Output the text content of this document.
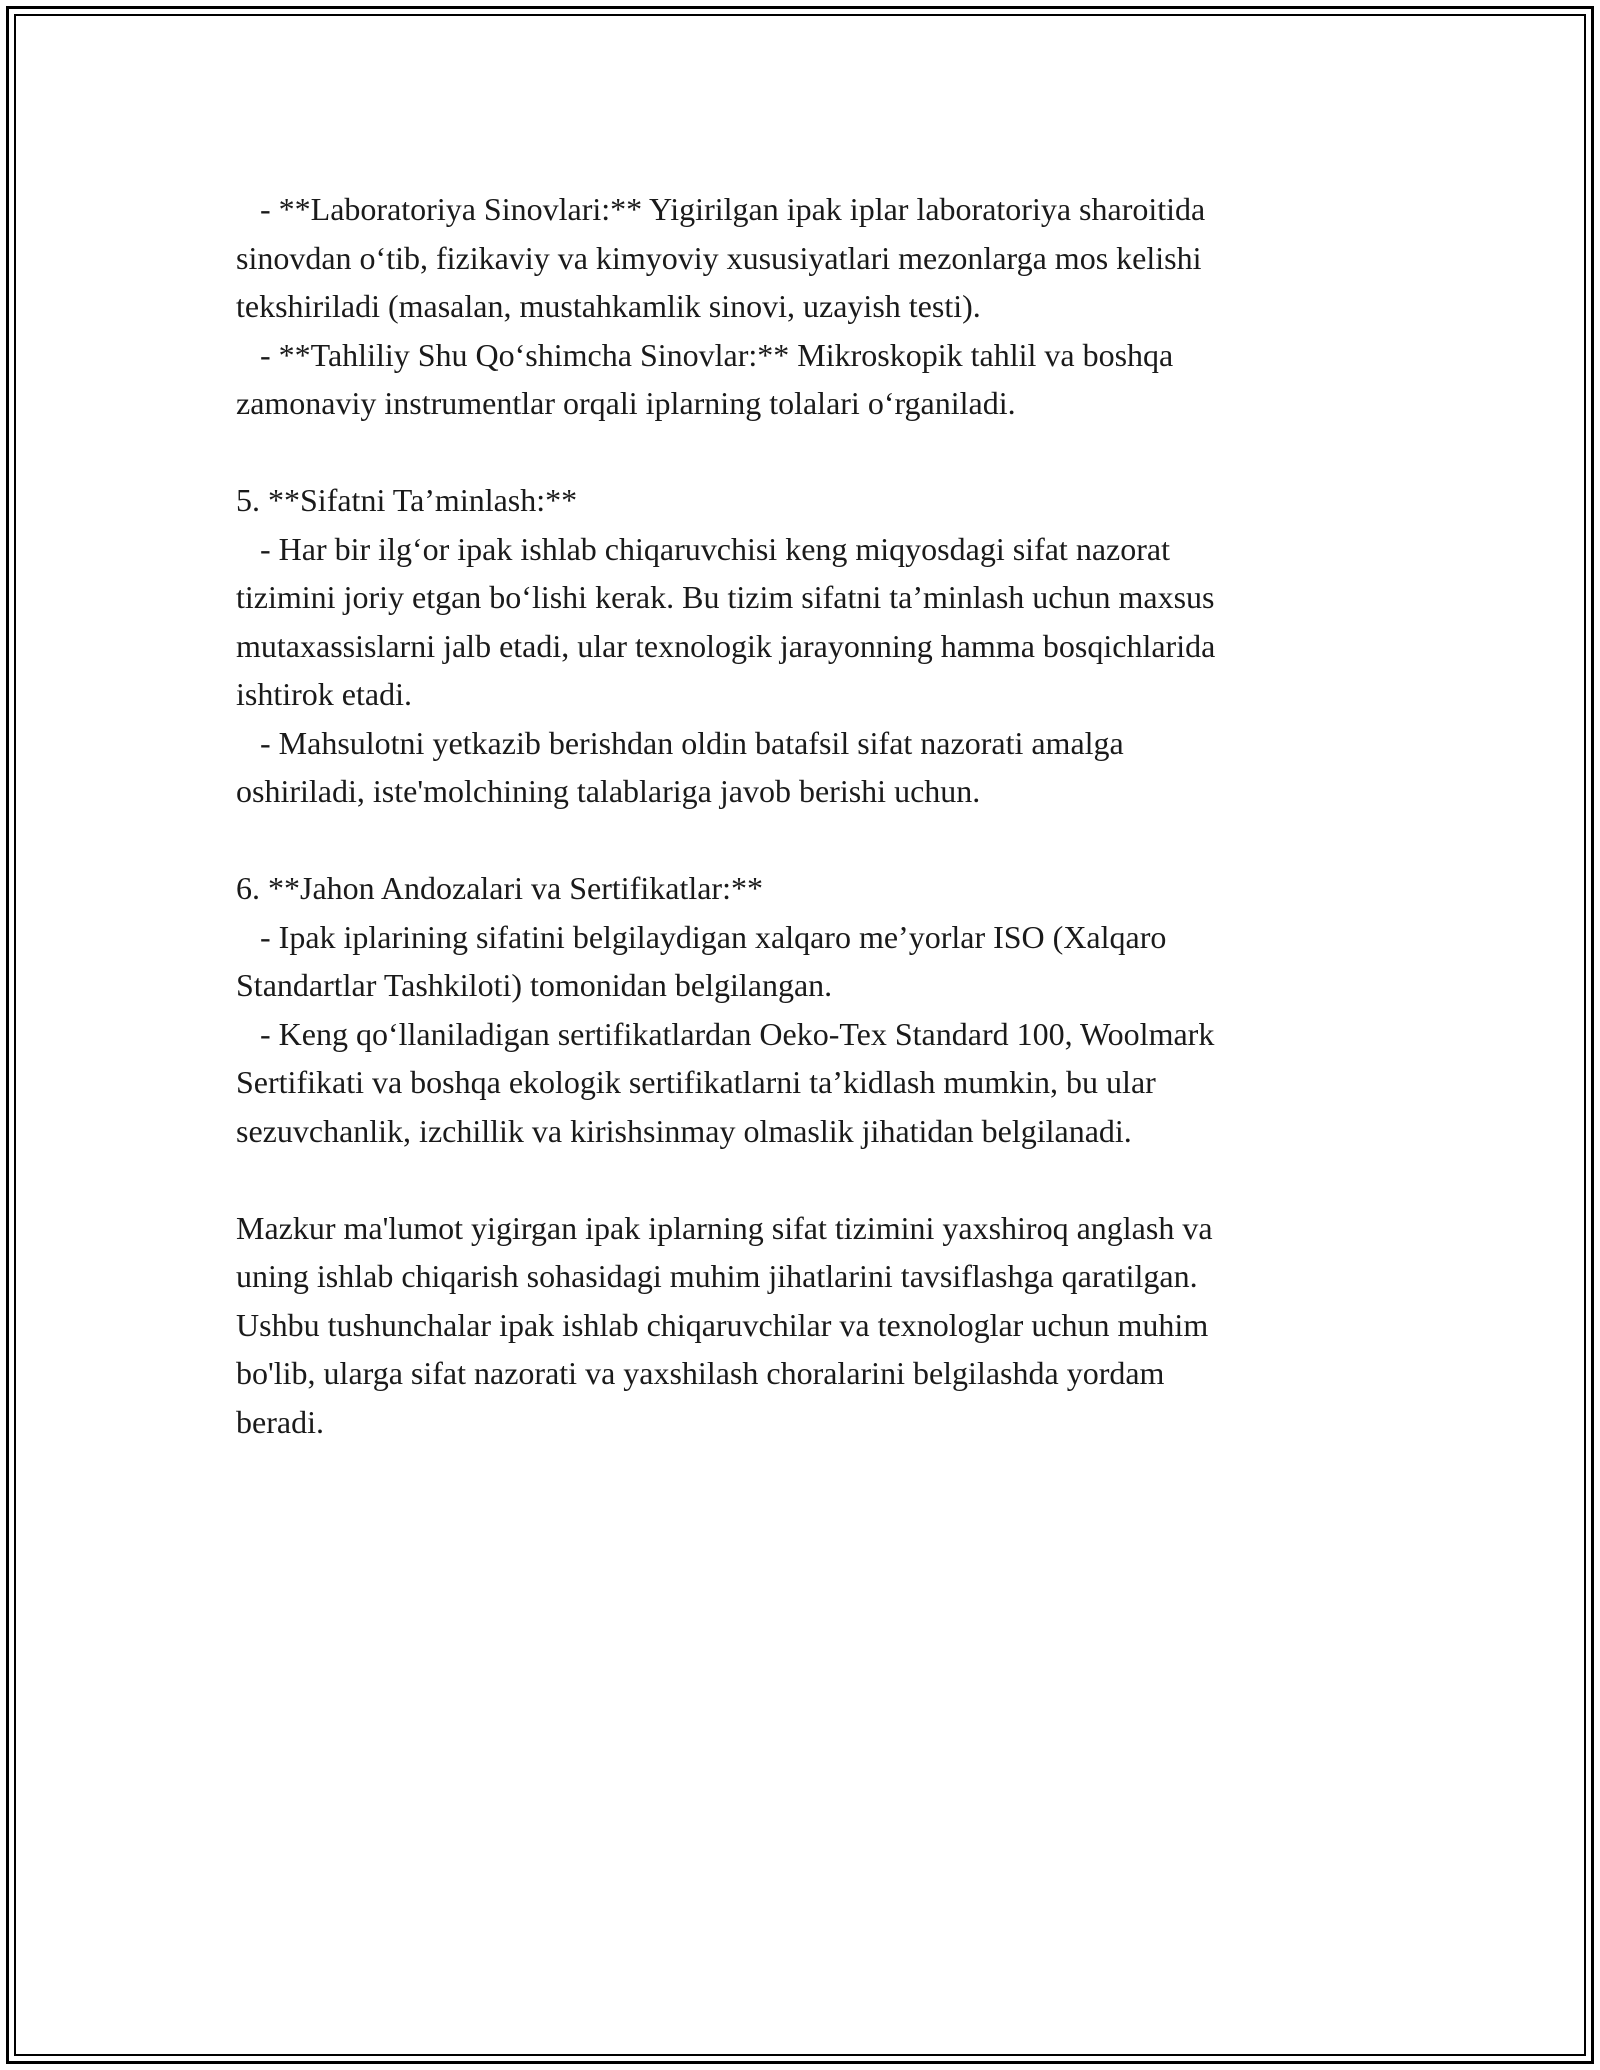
- **Laboratoriya Sinovlari:** Yigirilgan ipak iplar laboratoriya sharoitida
sinovdan oʻtib, fizikaviy va kimyoviy xususiyatlari mezonlarga mos kelishi
tekshiriladi (masalan, mustahkamlik sinovi, uzayish testi).
- **Tahliliy Shu Qoʻshimcha Sinovlar:** Mikroskopik tahlil va boshqa
zamonaviy instrumentlar orqali iplarning tolalari oʻrganiladi.
5. **Sifatni Ta’minlash:**
- Har bir ilgʻor ipak ishlab chiqaruvchisi keng miqyosdagi sifat nazorat
tizimini joriy etgan boʻlishi kerak. Bu tizim sifatni ta’minlash uchun maxsus
mutaxassislarni jalb etadi, ular texnologik jarayonning hamma bosqichlarida
ishtirok etadi.
- Mahsulotni yetkazib berishdan oldin batafsil sifat nazorati amalga
oshiriladi, iste'molchining talablariga javob berishi uchun.
6. **Jahon Andozalari va Sertifikatlar:**
- Ipak iplarining sifatini belgilaydigan xalqaro me’yorlar ISO (Xalqaro
Standartlar Tashkiloti) tomonidan belgilangan.
- Keng qoʻllaniladigan sertifikatlardan Oeko-Tex Standard 100, Woolmark
Sertifikati va boshqa ekologik sertifikatlarni ta’kidlash mumkin, bu ular
sezuvchanlik, izchillik va kirishsinmay olmaslik jihatidan belgilanadi.
Mazkur ma'lumot yigirgan ipak iplarning sifat tizimini yaxshiroq anglash va
uning ishlab chiqarish sohasidagi muhim jihatlarini tavsiflashga qaratilgan.
Ushbu tushunchalar ipak ishlab chiqaruvchilar va texnologlar uchun muhim
bo'lib, ularga sifat nazorati va yaxshilash choralarini belgilashda yordam
beradi.
